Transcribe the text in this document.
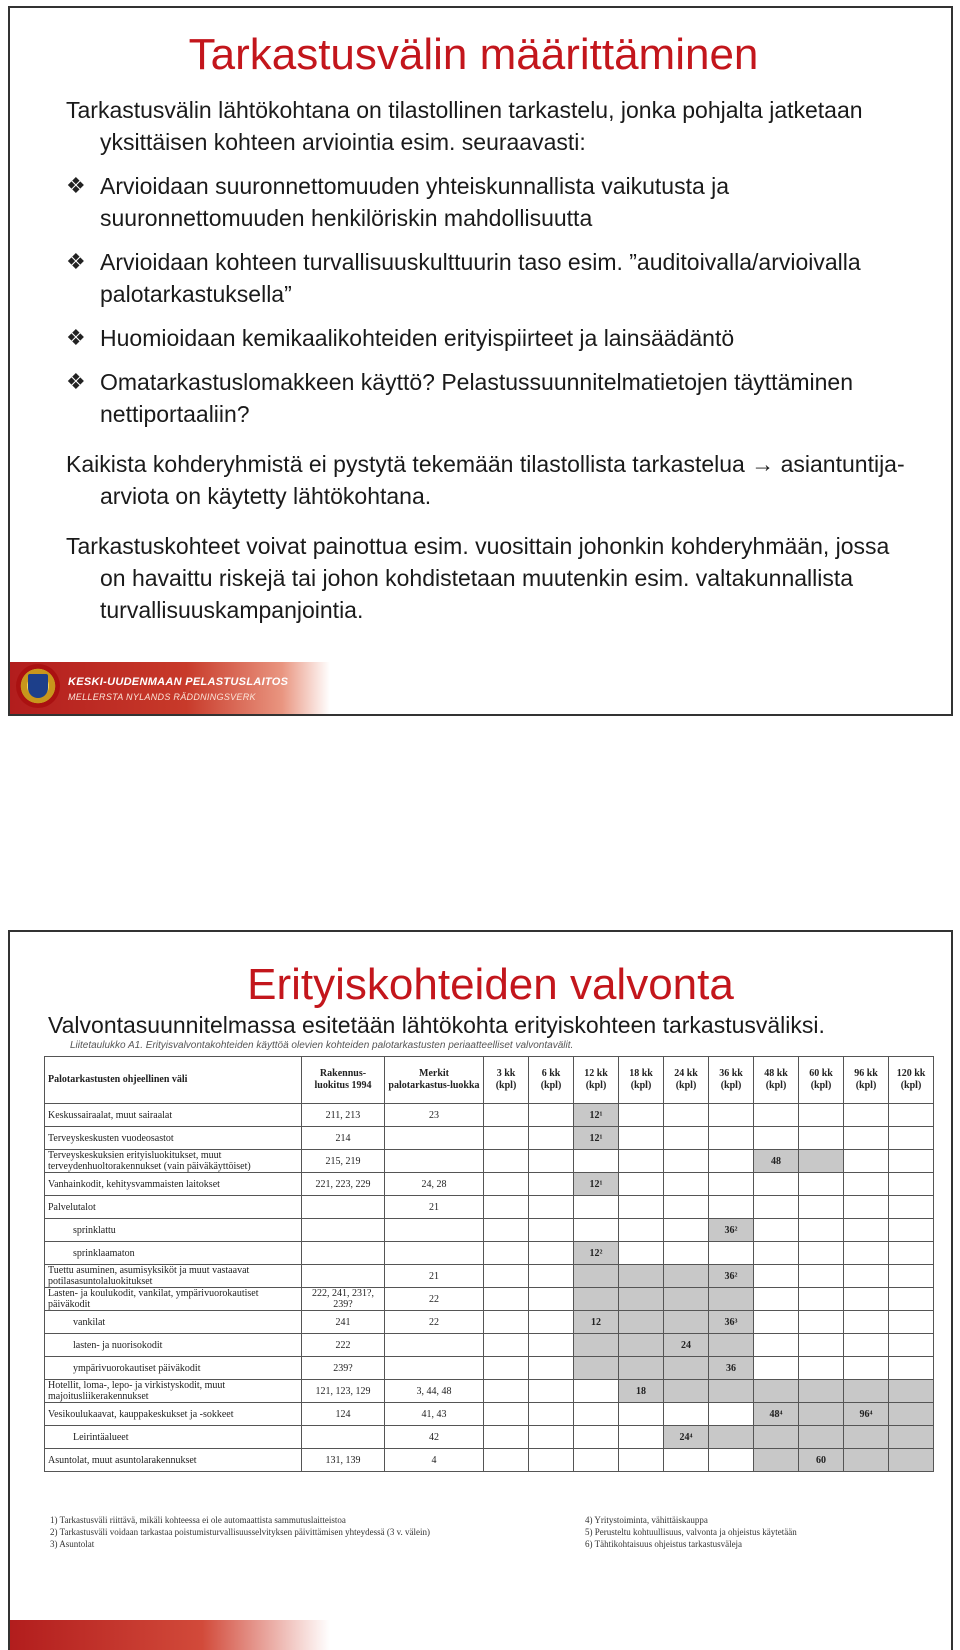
Tarkastusvälin määrittäminen

Tarkastusvälin lähtökohtana on tilastollinen tarkastelu, jonka pohjalta jatketaan yksittäisen kohteen arviointia esim. seuraavasti:

❖ Arvioidaan suuronnettomuuden yhteiskunnallista vaikutusta ja suuronnettomuuden henkilöriskin mahdollisuutta
❖ Arvioidaan kohteen turvallisuuskulttuurin taso esim. ”auditoivalla/arvioivalla palotarkastuksella”
❖ Huomioidaan kemikaalikohteiden erityispiirteet ja lainsäädäntö
❖ Omatarkastuslomakkeen käyttö? Pelastussuunnitelmatietojen täyttäminen nettiportaaliin?

Kaikista kohderyhmistä ei pystytä tekemään tilastollista tarkastelua → asiantuntija-arviota on käytetty lähtökohtana.

Tarkastuskohteet voivat painottua esim. vuosittain johonkin kohderyhmään, jossa on havaittu riskejä tai johon kohdistetaan muutenkin esim. valtakunnallista turvallisuuskampanjointia.

KESKI-UUDENMAAN PELASTUSLAITOS
MELLERSTA NYLANDS RÄDDNINGSVERK
Erityiskohteiden valvonta
Valvontasuunnitelmassa esitetään lähtökohta erityiskohteen tarkastusväliksi.
Liitetaulukko A1. Erityisvalvontakohteiden käyttöä olevien kohteiden palotarkastusten periaatteelliset valvontavälit.
Palotarkastusten ohjeellinen väli	Rakennus-luokitus 1994	Merkit palotarkastus-luokka	3 kk (kpl)	6 kk (kpl)	12 kk (kpl)	18 kk (kpl)	24 kk (kpl)	36 kk (kpl)	48 kk (kpl)	60 kk (kpl)	96 kk (kpl)	120 kk (kpl)
Keskussairaalat, muut sairaalat	211, 213	23			12¹							
Terveyskeskusten vuodeosastot	214				12¹							
Terveyskeskuksien erityisluokitukset, muut terveydenhuoltorakennukset (vain päiväkäyttöiset)	215, 219								48			
Vanhainkodit, kehitysvammaisten laitokset	221, 223, 229	24, 28			12¹							
Palvelutalot		21										
sprinklattu								36²				
sprinklaamaton					12²							
Tuettu asuminen, asumisyksiköt ja muut vastaavat potilasasuntolaluokitukset		21						36²				
Lasten- ja koulukodit, vankilat, ympärivuorokautiset päiväkodit	222, 241, 231?, 239?	22										
vankilat	241	22			12			36³				
lasten- ja nuorisokodit	222						24					
ympärivuorokautiset päiväkodit	239?							36				
Hotellit, loma-, lepo- ja virkistyskodit, muut majoitusliikerakennukset	121, 123, 129	3, 44, 48				18						
Vesikoulukaavat, kauppakeskukset ja -sokkeet	124	41, 43							48⁴		96⁴	
Leirintäalueet		42					24⁴					
Asuntolat, muut asuntolarakennukset	131, 139	4								60		
1) Tarkastusväli riittävä, mikäli kohteessa ei ole automaattista sammutuslaitteistoa
2) Tarkastusväli voidaan tarkastaa poistumisturvallisuusselvityksen päivittämisen yhteydessä (3 v. välein)
3) Asuntolat
4) Yritystoiminta, vähittäiskauppa
5) Perusteltu kohtuullisuus, valvonta ja ohjeistus käytetään
6) Tähtikohtaisuus ohjeistus tarkastusväleja
